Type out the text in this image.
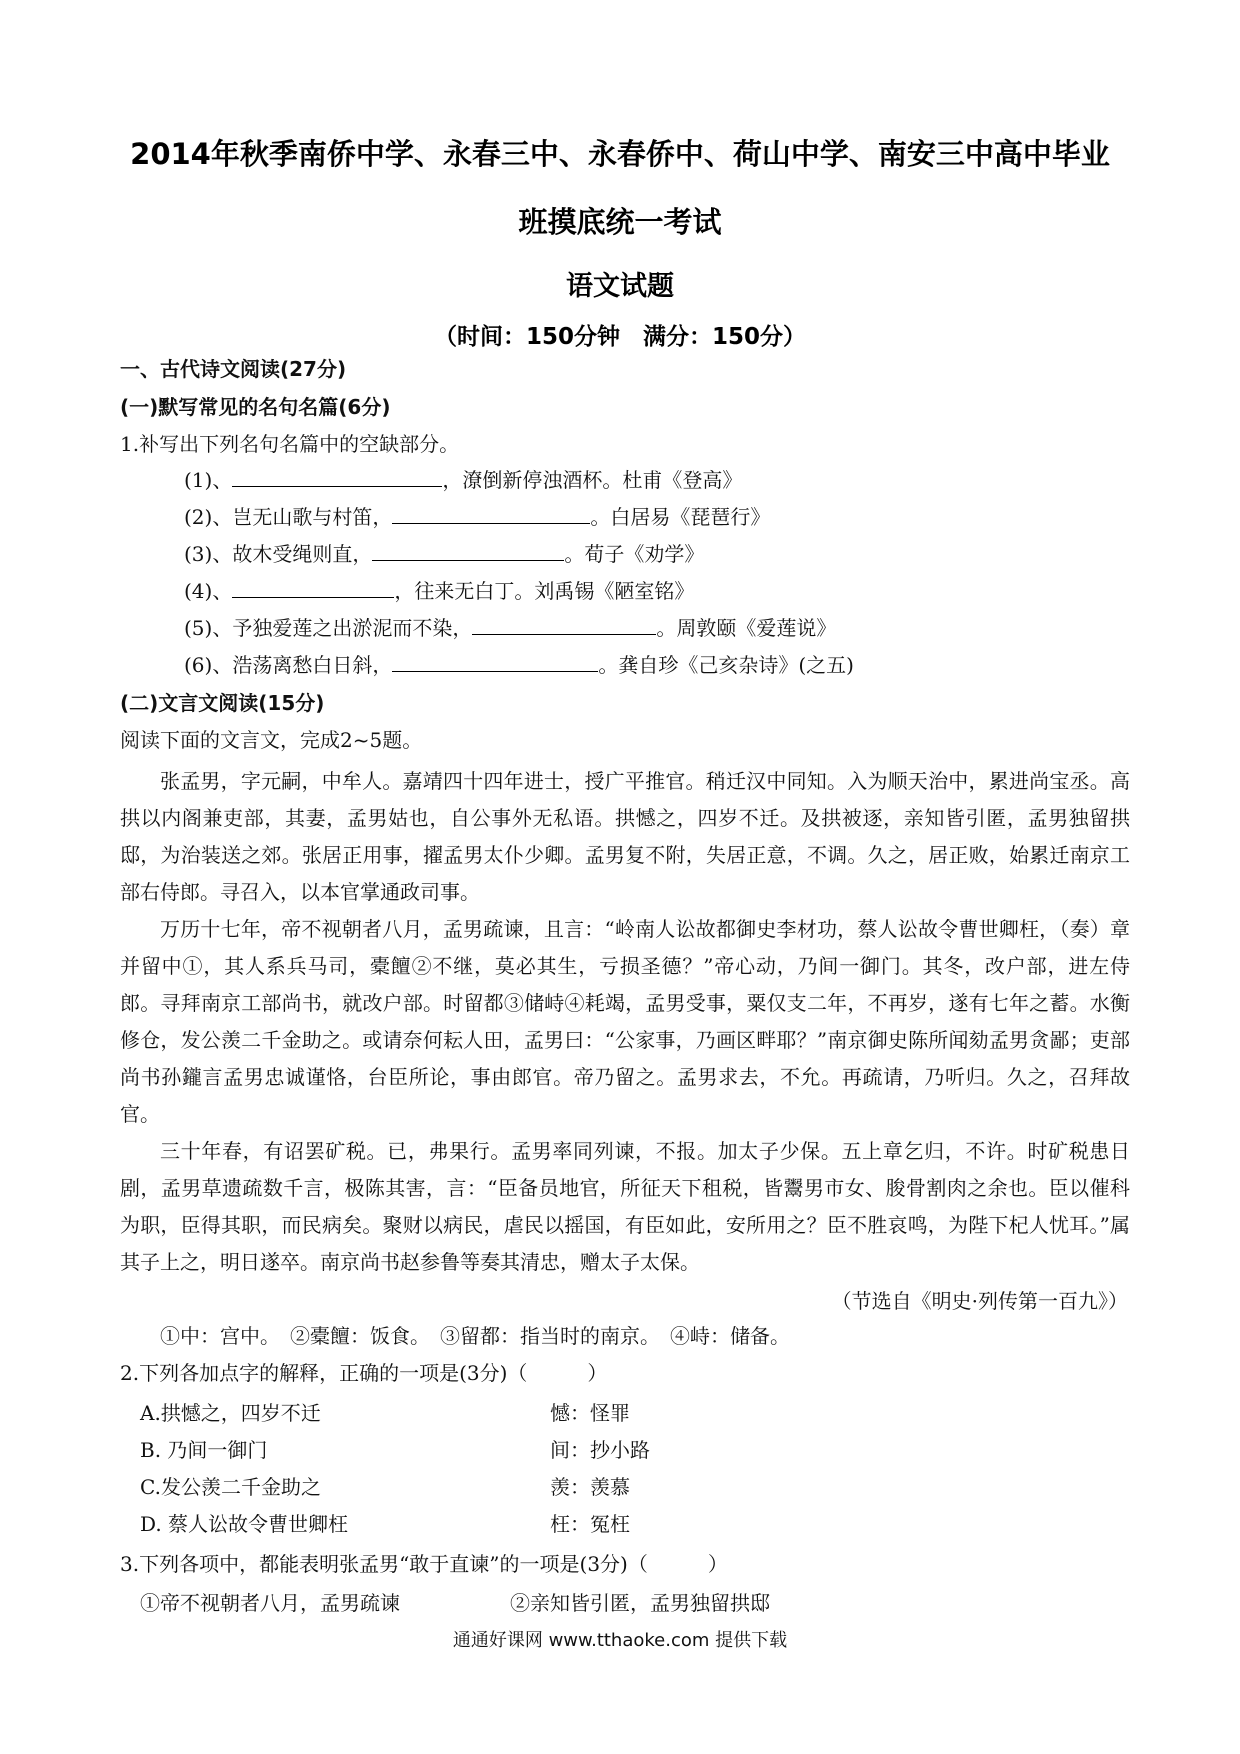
2014年秋季南侨中学、永春三中、永春侨中、荷山中学、南安三中高中毕业
班摸底统一考试
语文试题
（时间：150分钟　满分：150分）
一、古代诗文阅读(27分)
(一)默写常见的名句名篇(6分)
1.补写出下列名句名篇中的空缺部分。
(1)、	，潦倒新停浊酒杯。杜甫《登高》
(2)、岂无山歌与村笛，	。白居易《琵琶行》
(3)、故木受绳则直，	。荀子《劝学》
(4)、	，往来无白丁。刘禹锡《陋室铭》
(5)、予独爱莲之出淤泥而不染，	。周敦颐《爱莲说》
(6)、浩荡离愁白日斜，	。龚自珍《己亥杂诗》(之五)
(二)文言文阅读(15分)
阅读下面的文言文，完成2~5题。
张孟男，字元嗣，中牟人。嘉靖四十四年进士，授广平推官。稍迁汉中同知。入为顺天治中，累进尚宝丞。高拱以内阁兼吏部，其妻，孟男姑也，自公事外无私语。拱憾之，四岁不迁。及拱被逐，亲知皆引匿，孟男独留拱邸，为治装送之郊。张居正用事，擢孟男太仆少卿。孟男复不附，失居正意，不调。久之，居正败，始累迁南京工部右侍郎。寻召入，以本官掌通政司事。
万历十七年，帝不视朝者八月，孟男疏谏，且言：“岭南人讼故都御史李材功，蔡人讼故令曹世卿枉，（奏）章并留中①，其人系兵马司，橐饘②不继，莫必其生，亏损圣德？”帝心动，乃间一御门。其冬，改户部，进左侍郎。寻拜南京工部尚书，就改户部。时留都③储峙④耗竭，孟男受事，粟仅支二年，不再岁，遂有七年之蓄。水衡修仓，发公羡二千金助之。或请奈何耘人田，孟男曰：“公家事，乃画区畔耶？”南京御史陈所闻劾孟男贪鄙；吏部尚书孙鑨言孟男忠诚谨恪，台臣所论，事由郎官。帝乃留之。孟男求去，不允。再疏请，乃听归。久之，召拜故官。
三十年春，有诏罢矿税。已，弗果行。孟男率同列谏，不报。加太子少保。五上章乞归，不许。时矿税患日剧，孟男草遗疏数千言，极陈其害，言：“臣备员地官，所征天下租税，皆鬻男市女、朘骨割肉之余也。臣以催科为职，臣得其职，而民病矣。聚财以病民，虐民以摇国，有臣如此，安所用之？臣不胜哀鸣，为陛下杞人忧耳。”属其子上之，明日遂卒。南京尚书赵参鲁等奏其清忠，赠太子太保。
（节选自《明史·列传第一百九》）
①中：宫中。　②橐饘：饭食。　③留都：指当时的南京。　④峙：储备。
2.下列各加点字的解释，正确的一项是(3分)（　　　）
A.拱憾之，四岁不迁	憾：怪罪
B. 乃间一御门	间：抄小路
C.发公羡二千金助之	羡：羡慕
D. 蔡人讼故令曹世卿枉	枉：冤枉
3.下列各项中，都能表明张孟男“敢于直谏”的一项是(3分)（　　　）
①帝不视朝者八月，孟男疏谏	②亲知皆引匿，孟男独留拱邸
通通好课网 www.tthaoke.com 提供下载
